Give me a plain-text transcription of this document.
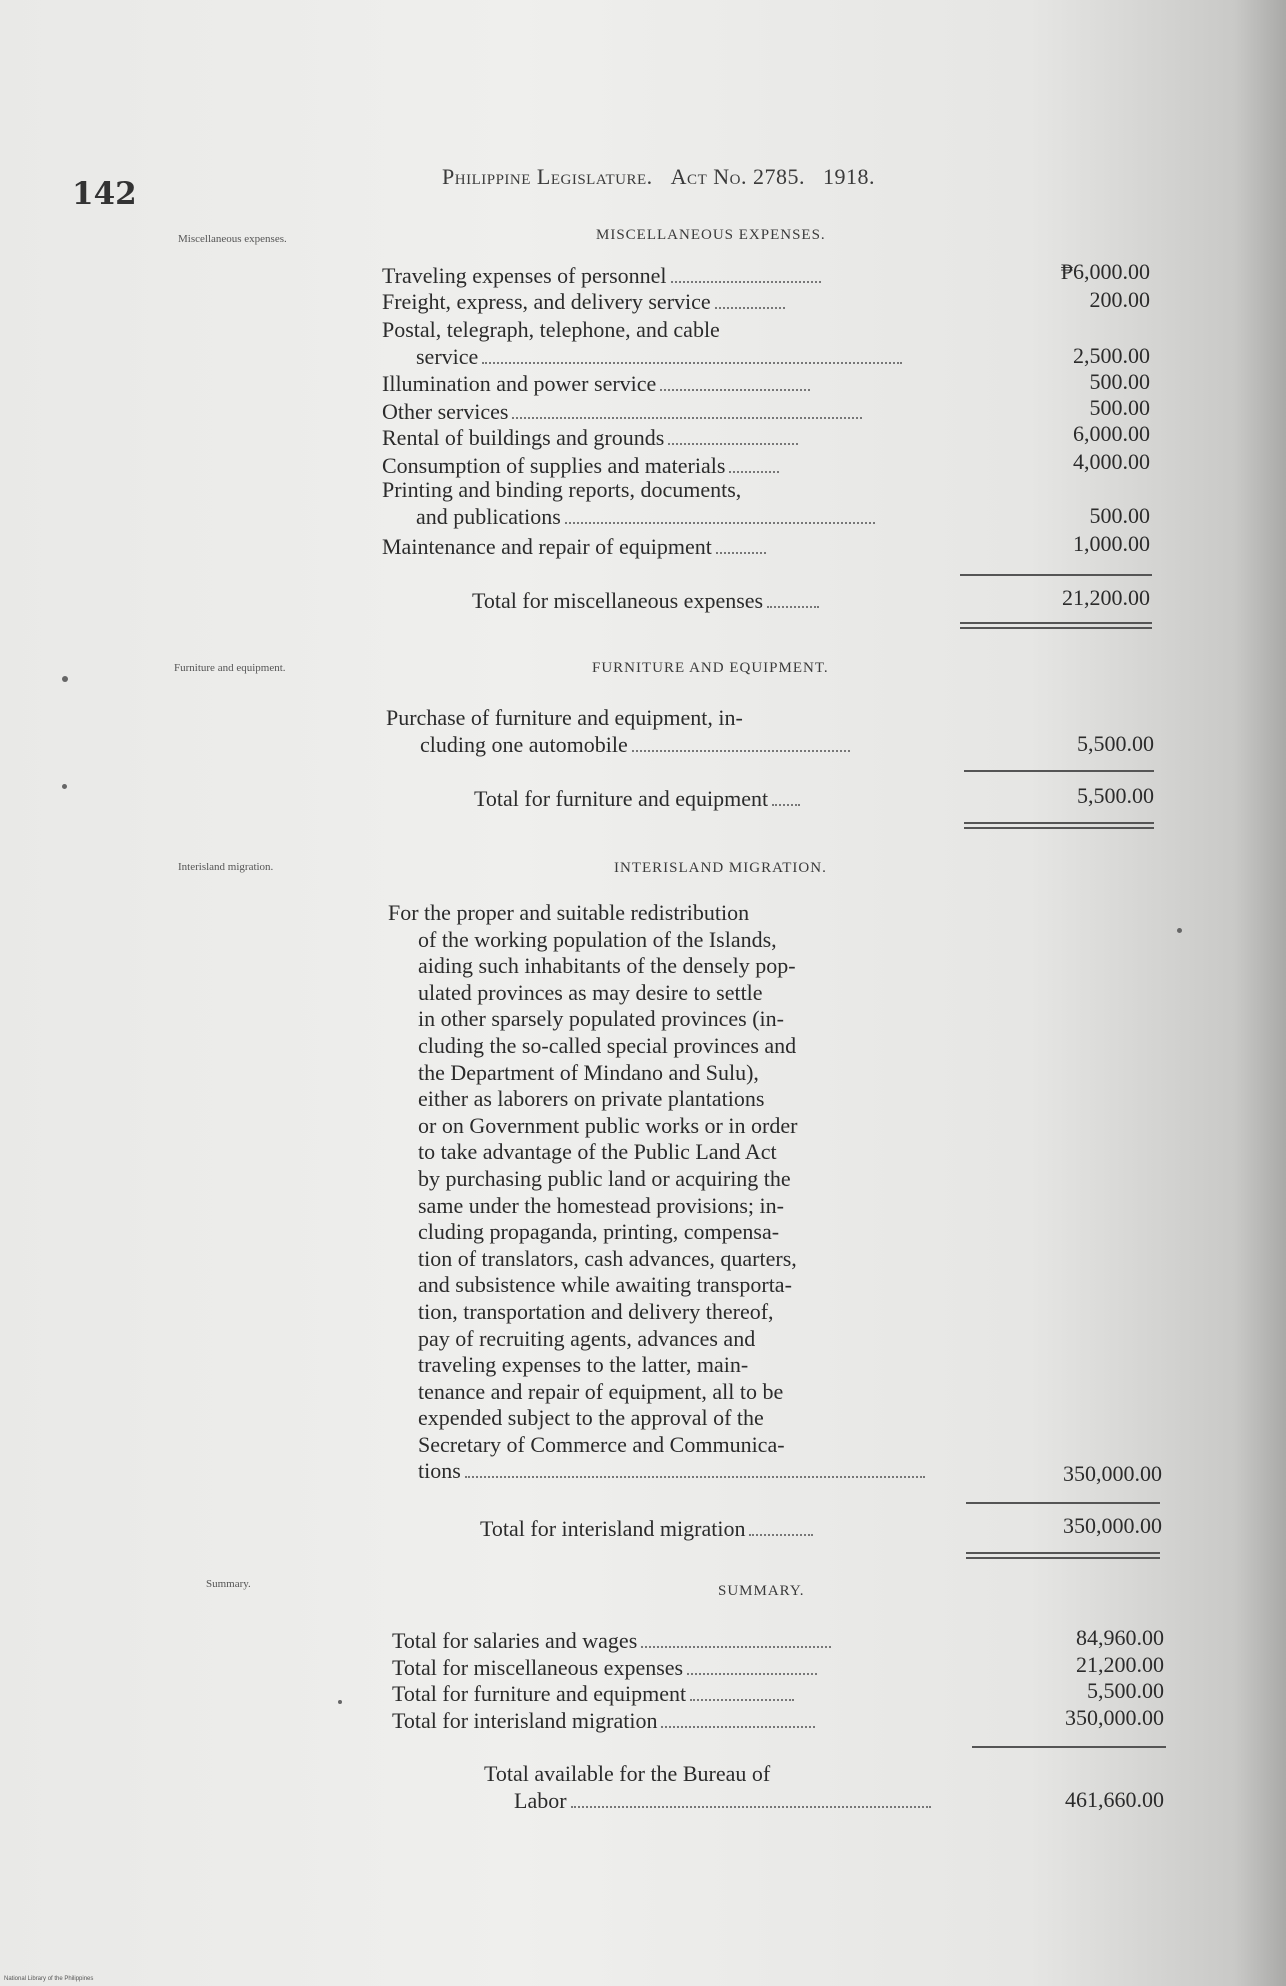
142	Philippine Legislature. Act No. 2785. 1918.
Miscellaneous expenses.	MISCELLANEOUS EXPENSES.
Traveling expenses of personnel	₱6,000.00
Freight, express, and delivery service	200.00
Postal, telegraph, telephone, and cable
service	2,500.00
Illumination and power service	500.00
Other services	500.00
Rental of buildings and grounds	6,000.00
Consumption of supplies and materials	4,000.00
Printing and binding reports, documents,
and publications	500.00
Maintenance and repair of equipment	1,000.00
Total for miscellaneous expenses	21,200.00
Furniture and equipment.	FURNITURE AND EQUIPMENT.
Purchase of furniture and equipment, in-
cluding one automobile	5,500.00
Total for furniture and equipment	5,500.00
Interisland migration.	INTERISLAND MIGRATION.
For the proper and suitable redistribution
of the working population of the Islands,
aiding such inhabitants of the densely pop-
ulated provinces as may desire to settle
in other sparsely populated provinces (in-
cluding the so-called special provinces and
the Department of Mindano and Sulu),
either as laborers on private plantations
or on Government public works or in order
to take advantage of the Public Land Act
by purchasing public land or acquiring the
same under the homestead provisions; in-
cluding propaganda, printing, compensa-
tion of translators, cash advances, quarters,
and subsistence while awaiting transporta-
tion, transportation and delivery thereof,
pay of recruiting agents, advances and
traveling expenses to the latter, main-
tenance and repair of equipment, all to be
expended subject to the approval of the
Secretary of Commerce and Communica-
tions	350,000.00
Total for interisland migration	350,000.00
Summary.	SUMMARY.
Total for salaries and wages	84,960.00
Total for miscellaneous expenses	21,200.00
Total for furniture and equipment	5,500.00
Total for interisland migration	350,000.00
Total available for the Bureau of
Labor	461,660.00
National Library of the Philippines
